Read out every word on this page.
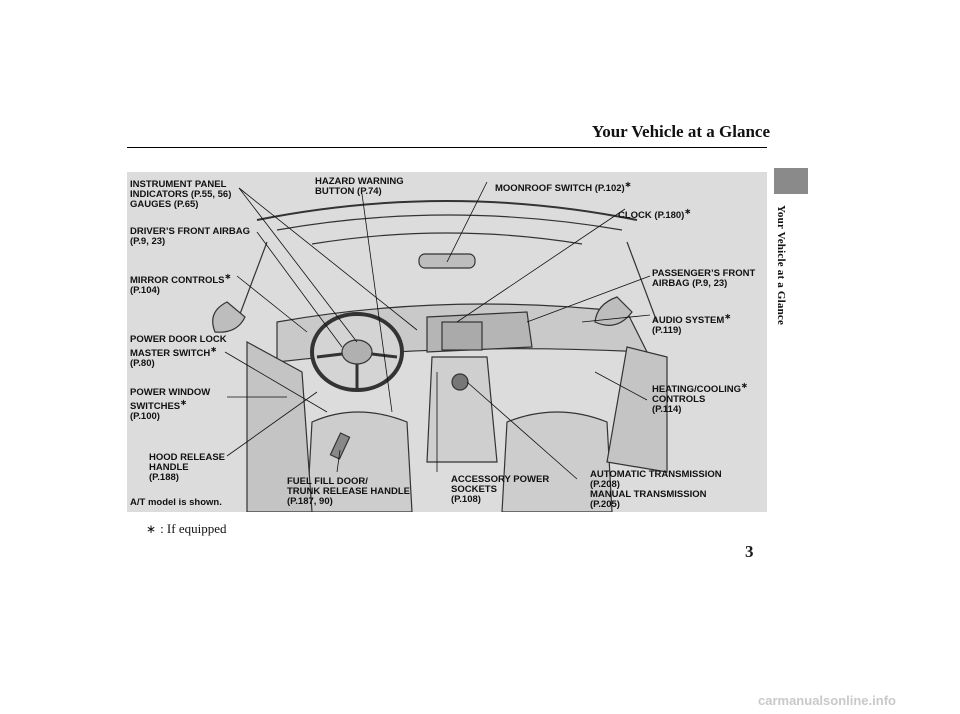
Your Vehicle at a Glance
Your Vehicle at a Glance
INSTRUMENT PANEL
INDICATORS (P.55, 56)
GAUGES (P.65)
DRIVER’S FRONT AIRBAG
(P.9, 23)
MIRROR CONTROLS∗
(P.104)
POWER DOOR LOCK
MASTER SWITCH∗
(P.80)
POWER WINDOW
SWITCHES∗
(P.100)
HOOD RELEASE
HANDLE
(P.188)
A/T model is shown.
HAZARD WARNING
BUTTON (P.74)
FUEL FILL DOOR/
TRUNK RELEASE HANDLE
(P.187, 90)
ACCESSORY POWER
SOCKETS
(P.108)
MOONROOF SWITCH (P.102)∗
CLOCK (P.180)∗
PASSENGER’S FRONT
AIRBAG (P.9, 23)
AUDIO SYSTEM∗
(P.119)
HEATING/COOLING∗
CONTROLS
(P.114)
AUTOMATIC TRANSMISSION
(P.208)
MANUAL TRANSMISSION
(P.205)
∗ : If equipped
3
carmanualsonline.info
